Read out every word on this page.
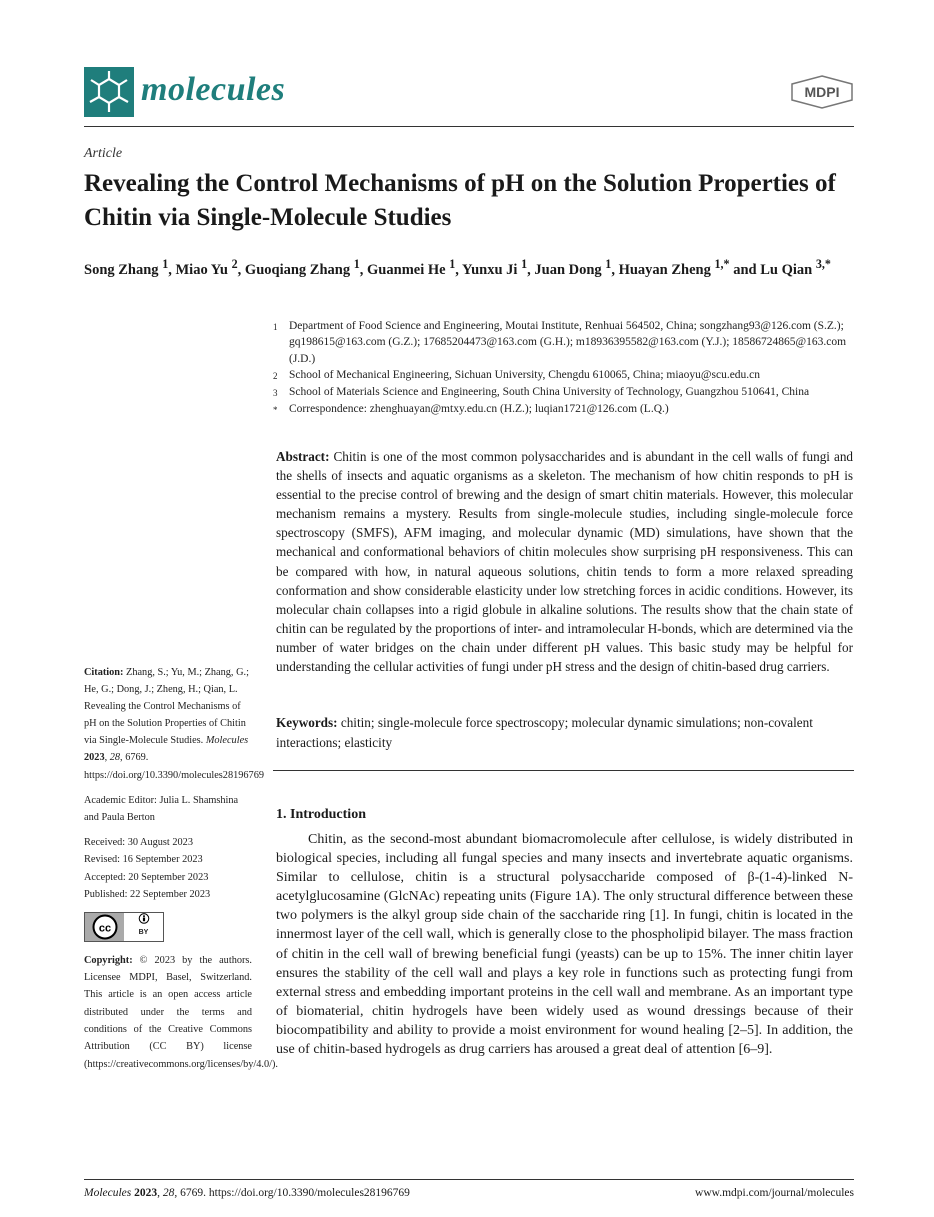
molecules	MDPI
Article
Revealing the Control Mechanisms of pH on the Solution Properties of Chitin via Single-Molecule Studies
Song Zhang $^1$, Miao Yu $^2$, Guoqiang Zhang $^1$, Guanmei He $^1$, Yunxu Ji $^1$, Juan Dong $^1$, Huayan Zheng $^{1,*}$ and Lu Qian $^{3,*}$
1	Department of Food Science and Engineering, Moutai Institute, Renhuai 564502, China; songzhang93@126.com (S.Z.); gq198615@163.com (G.Z.); 17685204473@163.com (G.H.); m18936395582@163.com (Y.J.); 18586724865@163.com (J.D.)
2	School of Mechanical Engineering, Sichuan University, Chengdu 610065, China; miaoyu@scu.edu.cn
3	School of Materials Science and Engineering, South China University of Technology, Guangzhou 510641, China
*	Correspondence: zhenghuayan@mtxy.edu.cn (H.Z.); luqian1721@126.com (L.Q.)
Abstract: Chitin is one of the most common polysaccharides and is abundant in the cell walls of fungi and the shells of insects and aquatic organisms as a skeleton. The mechanism of how chitin responds to pH is essential to the precise control of brewing and the design of smart chitin materials. However, this molecular mechanism remains a mystery. Results from single-molecule studies, including single-molecule force spectroscopy (SMFS), AFM imaging, and molecular dynamic (MD) simulations, have shown that the mechanical and conformational behaviors of chitin molecules show surprising pH responsiveness. This can be compared with how, in natural aqueous solutions, chitin tends to form a more relaxed spreading conformation and show considerable elasticity under low stretching forces in acidic conditions. However, its molecular chain collapses into a rigid globule in alkaline solutions. The results show that the chain state of chitin can be regulated by the proportions of inter- and intramolecular H-bonds, which are determined via the number of water bridges on the chain under different pH values. This basic study may be helpful for understanding the cellular activities of fungi under pH stress and the design of chitin-based drug carriers.
Keywords: chitin; single-molecule force spectroscopy; molecular dynamic simulations; non-covalent interactions; elasticity
1. Introduction
Chitin, as the second-most abundant biomacromolecule after cellulose, is widely distributed in biological species, including all fungal species and many insects and invertebrate aquatic organisms. Similar to cellulose, chitin is a structural polysaccharide composed of β-(1-4)-linked N-acetylglucosamine (GlcNAc) repeating units (Figure 1A). The only structural difference between these two polymers is the alkyl group side chain of the saccharide ring [1]. In fungi, chitin is located in the innermost layer of the cell wall, which is generally close to the phospholipid bilayer. The mass fraction of chitin in the cell wall of brewing beneficial fungi (yeasts) can be up to 15%. The inner chitin layer ensures the stability of the cell wall and plays a key role in functions such as protecting fungi from external stress and embedding important proteins in the cell wall and membrane. As an important type of biomaterial, chitin hydrogels have been widely used as wound dressings because of their biocompatibility and ability to provide a moist environment for wound healing [2–5]. In addition, the use of chitin-based hydrogels as drug carriers has aroused a great deal of attention [6–9].

Citation: Zhang, S.; Yu, M.; Zhang, G.; He, G.; Dong, J.; Zheng, H.; Qian, L. Revealing the Control Mechanisms of pH on the Solution Properties of Chitin via Single-Molecule Studies. Molecules 2023, 28, 6769. https://doi.org/10.3390/molecules28196769

Academic Editor: Julia L. Shamshina and Paula Berton

Received: 30 August 2023
Revised: 16 September 2023
Accepted: 20 September 2023
Published: 22 September 2023
cc	BY

Copyright: © 2023 by the authors. Licensee MDPI, Basel, Switzerland. This article is an open access article distributed under the terms and conditions of the Creative Commons Attribution (CC BY) license (https://creativecommons.org/licenses/by/4.0/).

Molecules 2023, 28, 6769. https://doi.org/10.3390/molecules28196769	www.mdpi.com/journal/molecules
